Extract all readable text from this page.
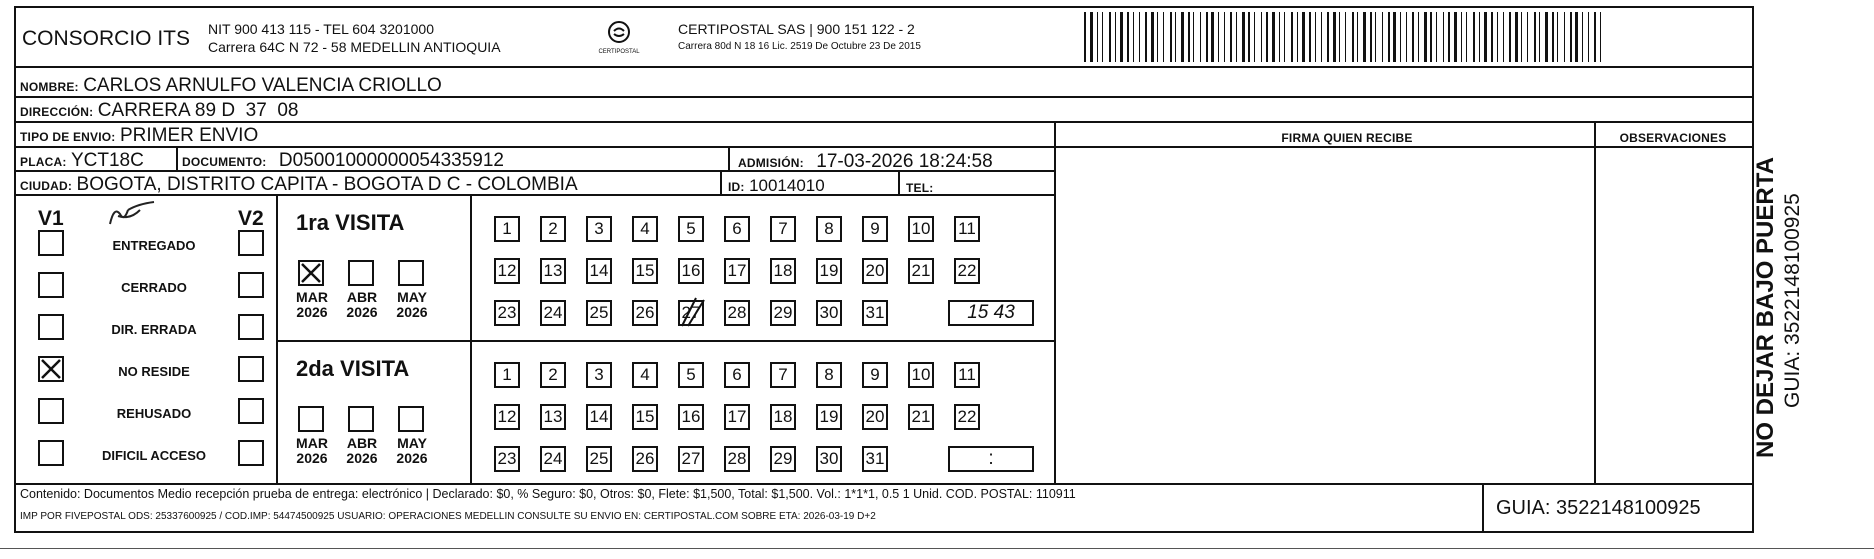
CONSORCIO ITS NIT 900 413 115 - TEL 604 3201000
Carrera 64C N 72 - 58 MEDELLIN ANTIOQUIA	CERTIPOSTAL
CERTIPOSTAL SAS | 900 151 122 - 2
Carrera 80d N 18 16 Lic. 2519 De Octubre 23 De 2015
NOMBRE: CARLOS ARNULFO VALENCIA CRIOLLO
DIRECCIÓN: CARRERA 89 D  37  08
TIPO DE ENVIO: PRIMER ENVIO	FIRMA QUIEN RECIBE	OBSERVACIONES
PLACA: YCT18C	DOCUMENTO: D05001000000054335912	ADMISIÓN: 17-03-2026 18:24:58
CIUDAD: BOGOTA, DISTRITO CAPITA - BOGOTA D C - COLOMBIA	ID: 10014010	TEL:
V1	V2
ENTREGADO
CERRADO
DIR. ERRADA
NO RESIDE
REHUSADO
DIFICIL ACCESO
1ra VISITA
MAR
2026
ABR
2026
MAY
2026
1	2	3	4	5	6	7	8	9	10 11
12 13 14 15 16 17 18 19 20 21 22
23 24 25 26 27 28 29 30 31	15 43
2da VISITA
MAR
2026
ABR
2026
MAY
2026
1	2	3	4	5	6	7	8	9	10 11
12 13 14 15 16 17 18 19 20 21 22
23 24 25 26 27 28 29 30 31	:
Contenido: Documentos Medio recepción prueba de entrega: electrónico | Declarado: $0, % Seguro: $0, Otros: $0, Flete: $1,500, Total: $1,500. Vol.: 1*1*1, 0.5 1 Unid. COD. POSTAL: 110911
IMP POR FIVEPOSTAL ODS: 25337600925 / COD.IMP: 54474500925 USUARIO: OPERACIONES MEDELLIN CONSULTE SU ENVIO EN: CERTIPOSTAL.COM SOBRE ETA: 2026-03-19 D+2	GUIA: 3522148100925
NO DEJAR BAJO PUERTA GUIA: 3522148100925
